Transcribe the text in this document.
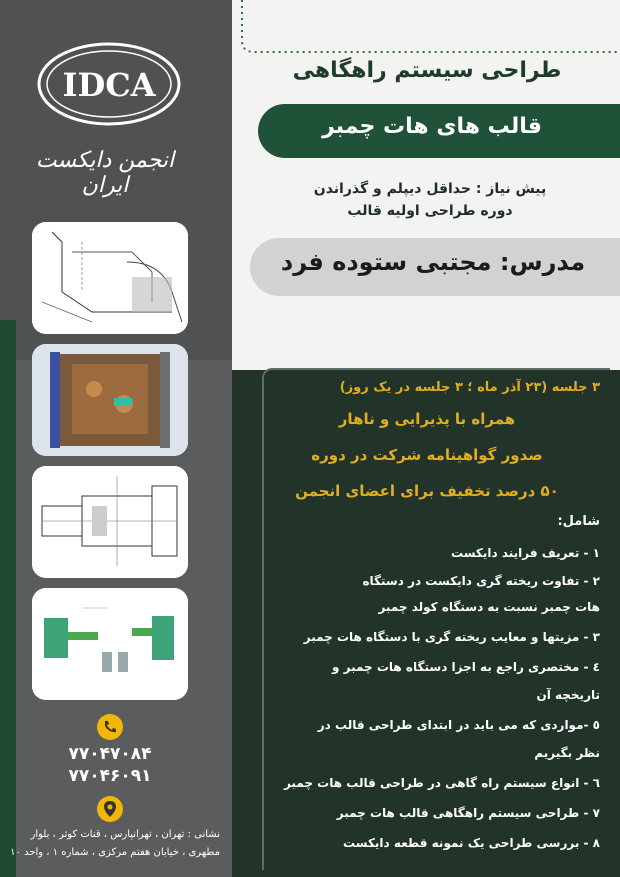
IDCA
انجمن دایکست ایران
۷۷۰۴۷۰۸۴
۷۷۰۴۶۰۹۱
نشانی : تهران ، تهرانپارس ، قنات کوثر ، بلوار
مطهری ، خیابان هفتم مرکزی ، شماره ۱ ، واحد ۱۰
طراحی سیستم راهگاهی
قالب های هات چمبر
پیش نیاز : حداقل دیپلم و گذراندن
دوره طراحی اولیه قالب
مدرس: مجتبی ستوده فرد
۳ جلسه (۲۳ آذر ماه ؛ ۳ جلسه در یک روز)
همراه با پذیرایی و ناهار
صدور گواهینامه شرکت در دوره
۵۰ درصد تخفیف برای اعضای انجمن
شامل:
۱ - تعریف فرایند دایکست
۲ - تفاوت ریخته گری دایکست در دستگاه
هات چمبر نسبت به دستگاه کولد چمبر
۳ - مزیتها و معایب ریخته گری با دستگاه هات چمبر
٤ - مختصری راجع به اجزا دستگاه هات چمبر و
تاریخچه آن
٥ -مواردی که می باید در ابتدای طراحی قالب در
نظر بگیریم
٦ - انواع سیستم راه گاهی در طراحی قالب هات چمبر
۷ - طراحی سیستم راهگاهی قالب هات چمبر
۸ - بررسی طراحی یک نمونه قطعه دایکست
